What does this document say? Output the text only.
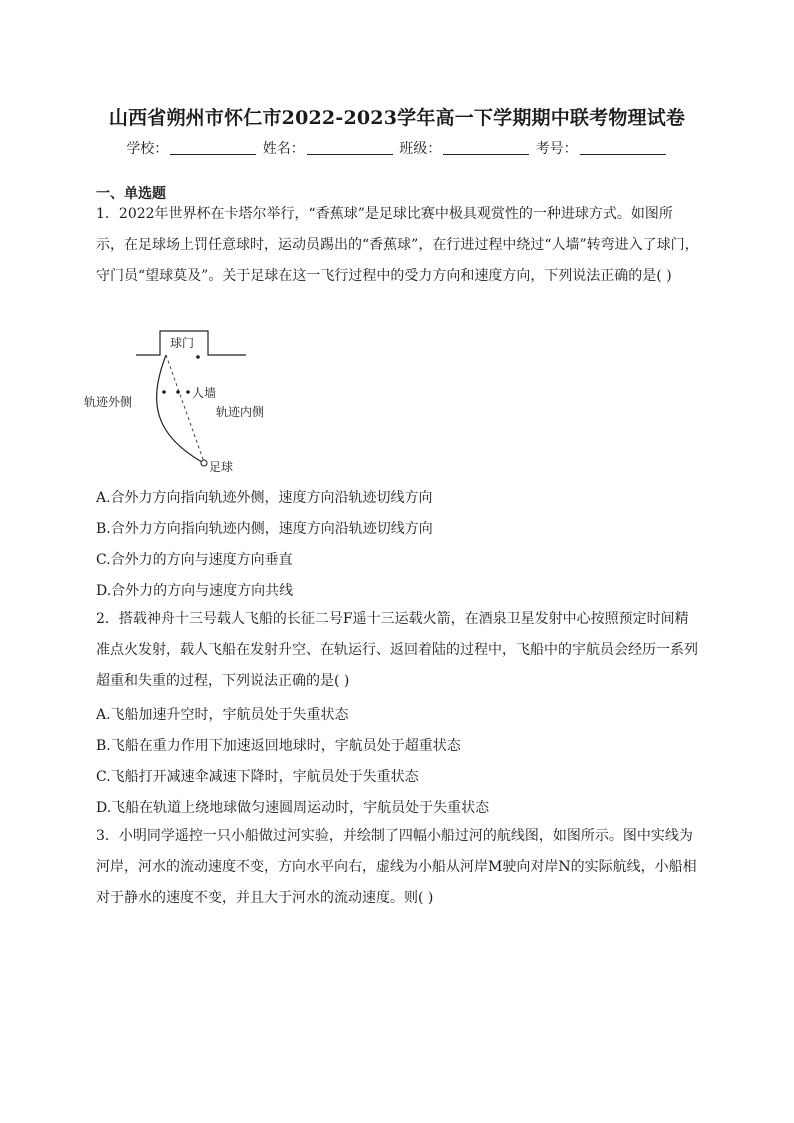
山西省朔州市怀仁市2022-2023学年高一下学期期中联考物理试卷
学校：	姓名：	班级：	考号：
一、单选题
1．2022年世界杯在卡塔尔举行，“香蕉球”是足球比赛中极具观赏性的一种进球方式。如图所示，在足球场上罚任意球时，运动员踢出的“香蕉球”，在行进过程中绕过“人墙”转弯进入了球门，守门员“望球莫及”。关于足球在这一飞行过程中的受力方向和速度方向，下列说法正确的是( )
球门
人墙
轨迹外侧
轨迹内侧
足球
A.合外力方向指向轨迹外侧，速度方向沿轨迹切线方向
B.合外力方向指向轨迹内侧，速度方向沿轨迹切线方向
C.合外力的方向与速度方向垂直
D.合外力的方向与速度方向共线
2．搭载神舟十三号载人飞船的长征二号F遥十三运载火箭，在酒泉卫星发射中心按照预定时间精准点火发射，载人飞船在发射升空、在轨运行、返回着陆的过程中，飞船中的宇航员会经历一系列超重和失重的过程，下列说法正确的是( )
A.飞船加速升空时，宇航员处于失重状态
B.飞船在重力作用下加速返回地球时，宇航员处于超重状态
C.飞船打开减速伞减速下降时，宇航员处于失重状态
D.飞船在轨道上绕地球做匀速圆周运动时，宇航员处于失重状态
3．小明同学遥控一只小船做过河实验，并绘制了四幅小船过河的航线图，如图所示。图中实线为河岸，河水的流动速度不变，方向水平向右，虚线为小船从河岸M驶向对岸N的实际航线，小船相对于静水的速度不变，并且大于河水的流动速度。则( )
